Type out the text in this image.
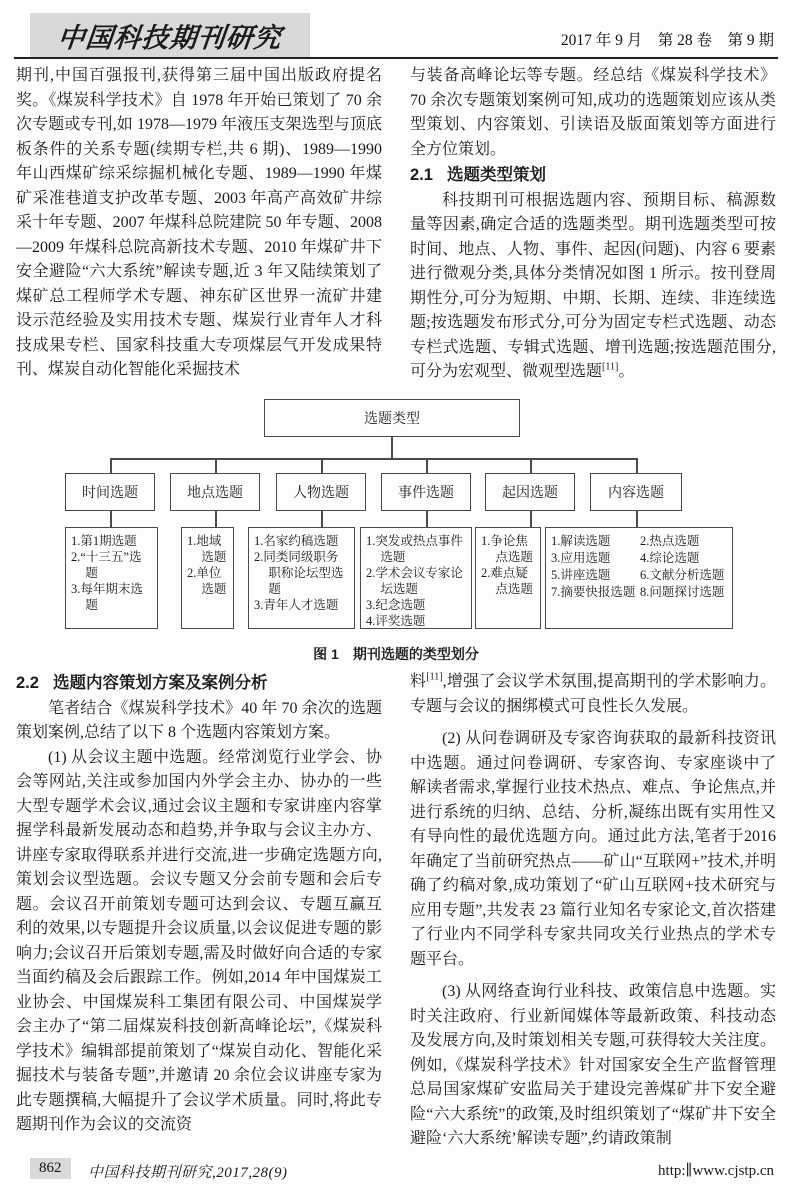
中国科技期刊研究	2017 年 9 月　第 28 卷　第 9 期

期刊,中国百强报刊,获得第三届中国出版政府提名奖。《煤炭科学技术》自 1978 年开始已策划了 70 余次专题或专刊,如 1978—1979 年液压支架选型与顶底板条件的关系专题(续期专栏,共 6 期)、1989—1990 年山西煤矿综采综掘机械化专题、1989—1990 年煤矿采准巷道支护改革专题、2003 年高产高效矿井综采十年专题、2007 年煤科总院建院 50 年专题、2008—2009 年煤科总院高新技术专题、2010 年煤矿井下安全避险“六大系统”解读专题,近 3 年又陆续策划了煤矿总工程师学术专题、神东矿区世界一流矿井建设示范经验及实用技术专题、煤炭行业青年人才科技成果专栏、国家科技重大专项煤层气开发成果特刊、煤炭自动化智能化采掘技术

与装备高峰论坛等专题。经总结《煤炭科学技术》70 余次专题策划案例可知,成功的选题策划应该从类型策划、内容策划、引读语及版面策划等方面进行全方位策划。

2.1 选题类型策划

科技期刊可根据选题内容、预期目标、稿源数量等因素,确定合适的选题类型。期刊选题类型可按时间、地点、人物、事件、起因(问题)、内容 6 要素进行微观分类,具体分类情况如图 1 所示。按刊登周期性分,可分为短期、中期、长期、连续、非连续选题;按选题发布形式分,可分为固定专栏式选题、动态专栏式选题、专辑式选题、增刊选题;按选题范围分,可分为宏观型、微观型选题[11]。

选题类型
时间选题	地点选题	人物选题	事件选题	起因选题	内容选题
1.第1期选题
2.“十三五”选题
3.每年期末选题
1.地域选题
2.单位选题
1.名家约稿选题
2.同类同级职务职称论坛型选题
3.青年人才选题
1.突发或热点事件选题
2.学术会议专家论坛选题
3.纪念选题
4.评奖选题
1.争论焦点选题
2.难点疑点选题
1.解读选题	2.热点选题
3.应用选题	4.综论选题
5.讲座选题	6.文献分析选题
7.摘要快报选题 8.问题探讨选题
图 1　期刊选题的类型划分

2.2 选题内容策划方案及案例分析

笔者结合《煤炭科学技术》40 年 70 余次的选题策划案例,总结了以下 8 个选题内容策划方案。

(1) 从会议主题中选题。经常浏览行业学会、协会等网站,关注或参加国内外学会主办、协办的一些大型专题学术会议,通过会议主题和专家讲座内容掌握学科最新发展动态和趋势,并争取与会议主办方、讲座专家取得联系并进行交流,进一步确定选题方向,策划会议型选题。会议专题又分会前专题和会后专题。会议召开前策划专题可达到会议、专题互赢互利的效果,以专题提升会议质量,以会议促进专题的影响力;会议召开后策划专题,需及时做好向合适的专家当面约稿及会后跟踪工作。例如,2014 年中国煤炭工业协会、中国煤炭科工集团有限公司、中国煤炭学会主办了“第二届煤炭科技创新高峰论坛”,《煤炭科学技术》编辑部提前策划了“煤炭自动化、智能化采掘技术与装备专题”,并邀请 20 余位会议讲座专家为此专题撰稿,大幅提升了会议学术质量。同时,将此专题期刊作为会议的交流资

料[11],增强了会议学术氛围,提高期刊的学术影响力。专题与会议的捆绑模式可良性长久发展。

(2) 从问卷调研及专家咨询获取的最新科技资讯中选题。通过问卷调研、专家咨询、专家座谈中了解读者需求,掌握行业技术热点、难点、争论焦点,并进行系统的归纳、总结、分析,凝练出既有实用性又有导向性的最优选题方向。通过此方法,笔者于2016 年确定了当前研究热点——矿山“互联网+”技术,并明确了约稿对象,成功策划了“矿山互联网+技术研究与应用专题”,共发表 23 篇行业知名专家论文,首次搭建了行业内不同学科专家共同攻关行业热点的学术专题平台。

(3) 从网络查询行业科技、政策信息中选题。实时关注政府、行业新闻媒体等最新政策、科技动态及发展方向,及时策划相关专题,可获得较大关注度。例如,《煤炭科学技术》针对国家安全生产监督管理总局国家煤矿安监局关于建设完善煤矿井下安全避险“六大系统”的政策,及时组织策划了“煤矿井下安全避险‘六大系统’解读专题”,约请政策制

862	中国科技期刊研究,2017,28(9)	http:∥www.cjstp.cn
